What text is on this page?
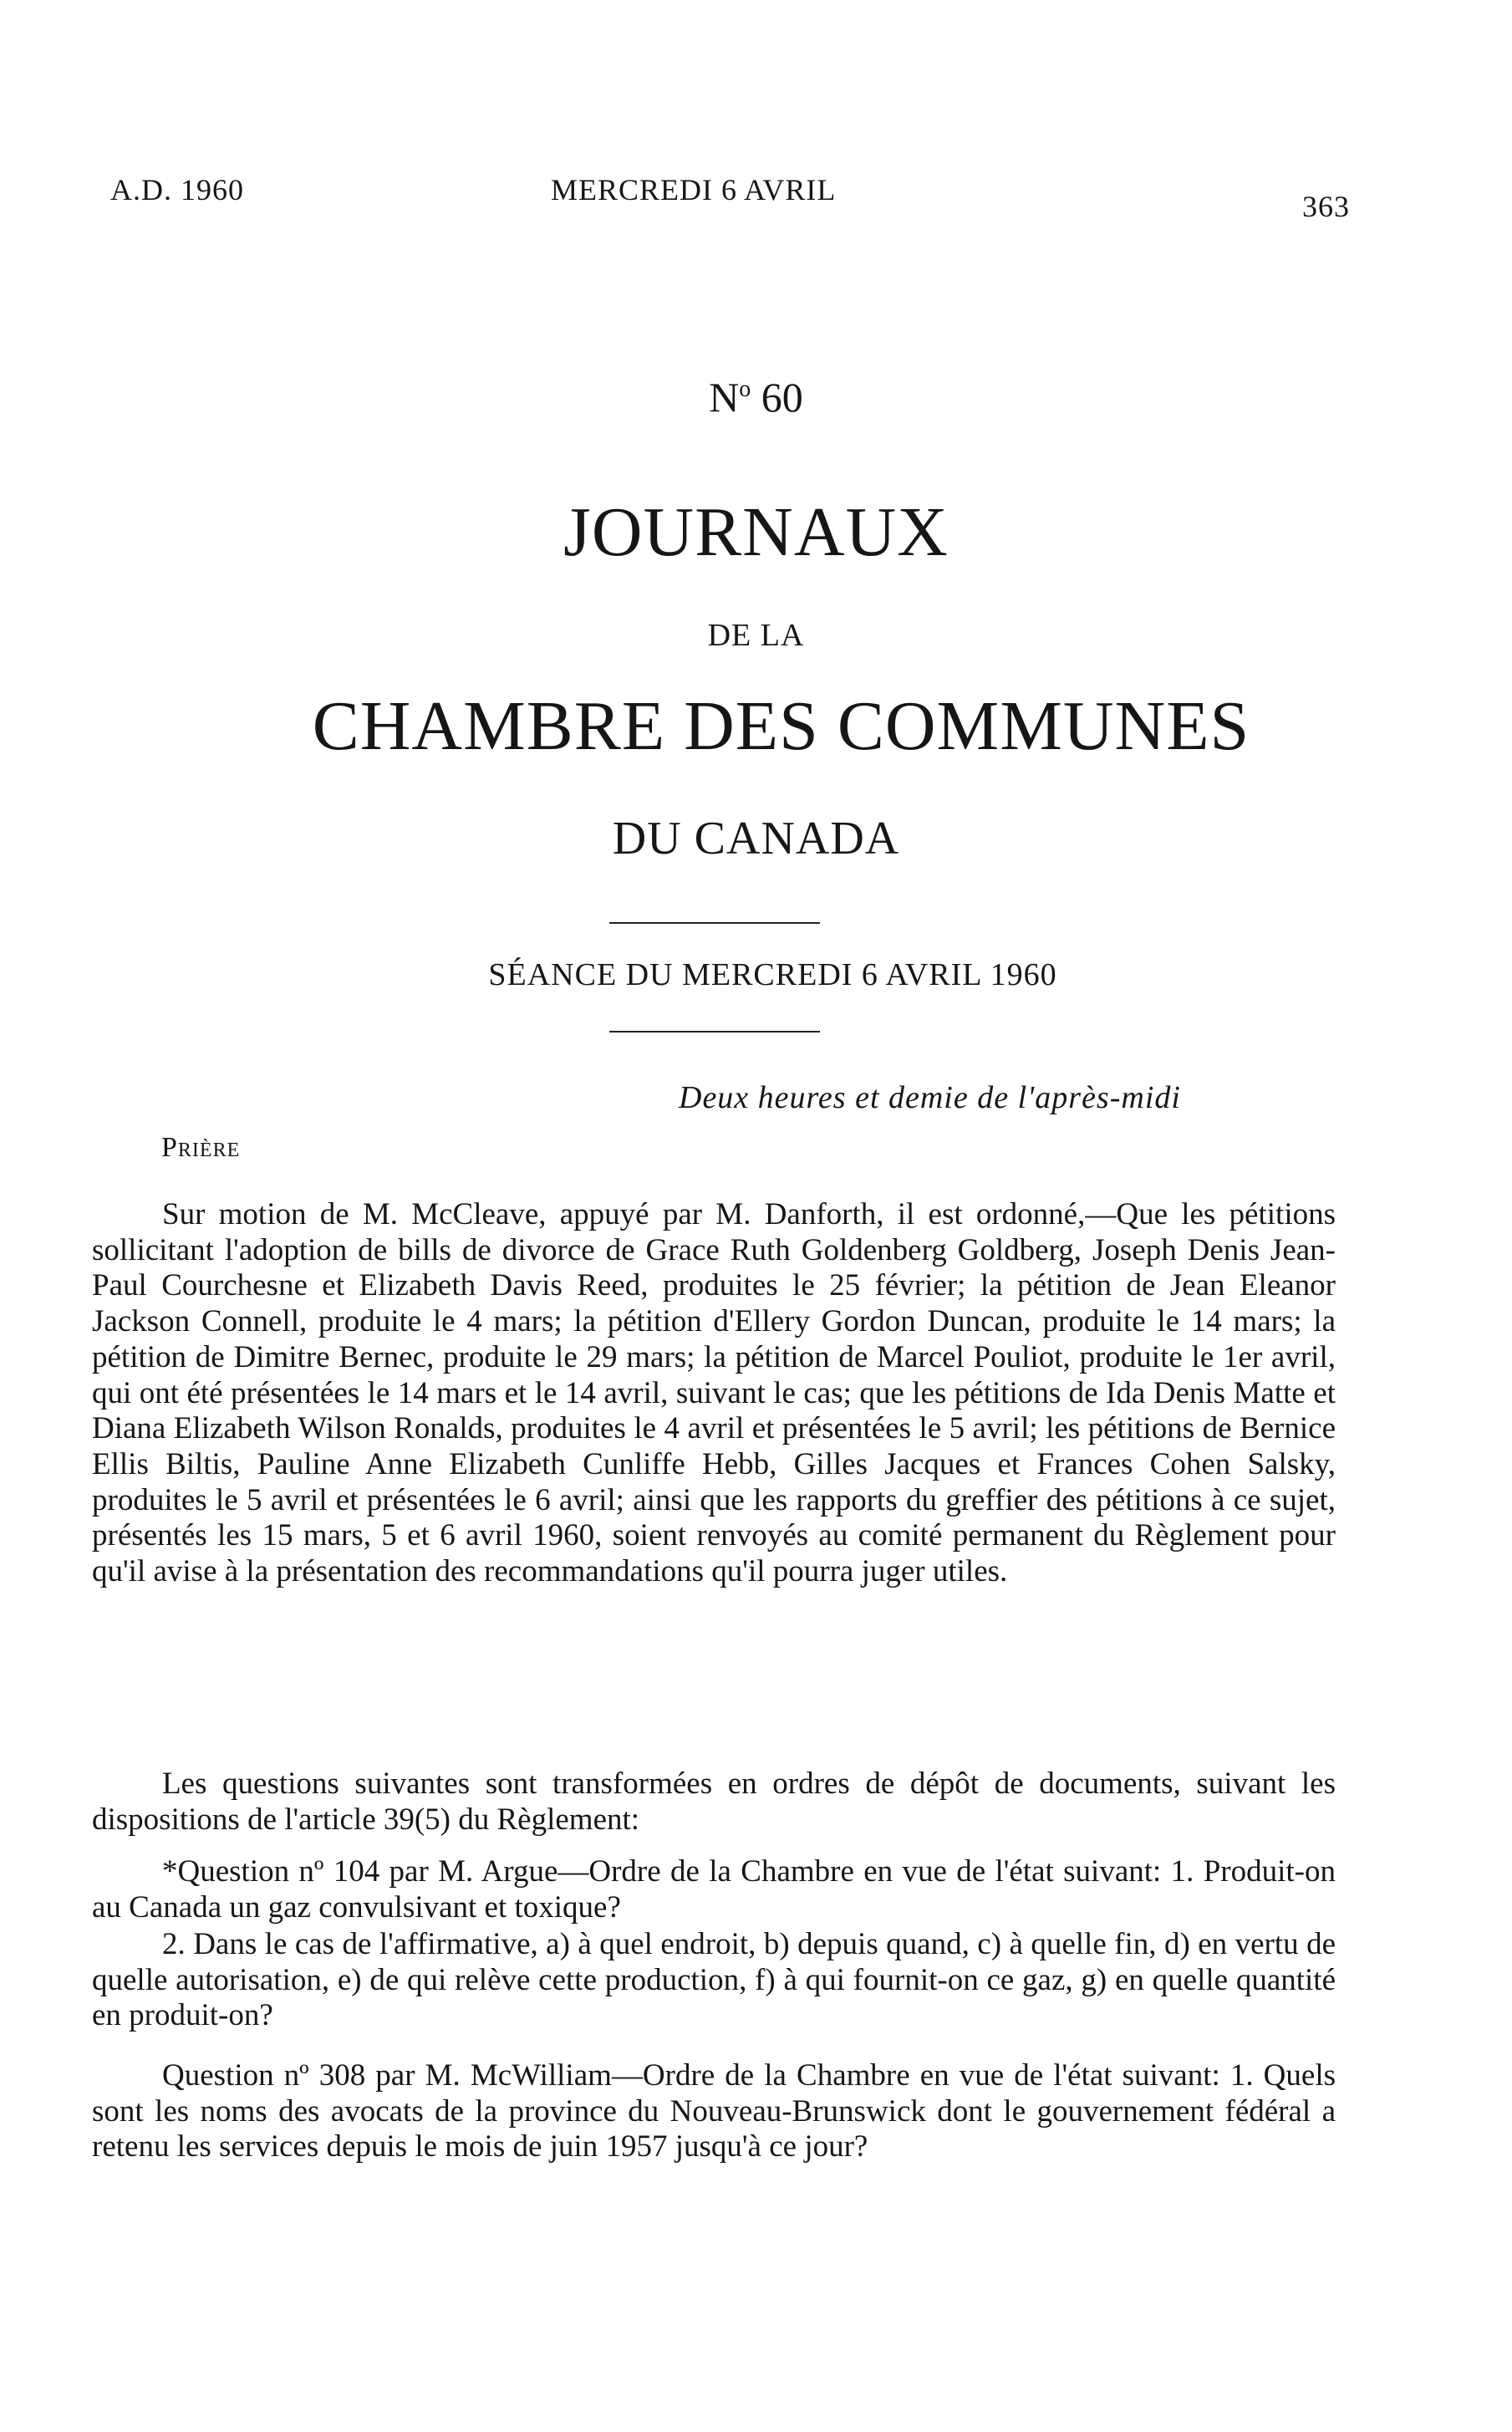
A.D. 1960	MERCREDI 6 AVRIL	363
$N^o$ 60
JOURNAUX
DE LA
CHAMBRE DES COMMUNES
DU CANADA
SÉANCE DU MERCREDI 6 AVRIL 1960
Deux heures et demie de l'après-midi
Prière

Sur motion de M. McCleave, appuyé par M. Danforth, il est ordonné,—Que les pétitions sollicitant l'adoption de bills de divorce de Grace Ruth Goldenberg Goldberg, Joseph Denis Jean-Paul Courchesne et Elizabeth Davis Reed, produites le 25 février; la pétition de Jean Eleanor Jackson Connell, produite le 4 mars; la pétition d'Ellery Gordon Duncan, produite le 14 mars; la pétition de Dimitre Bernec, produite le 29 mars; la pétition de Marcel Pouliot, produite le 1er avril, qui ont été présentées le 14 mars et le 14 avril, suivant le cas; que les pétitions de Ida Denis Matte et Diana Elizabeth Wilson Ronalds, produites le 4 avril et présentées le 5 avril; les pétitions de Bernice Ellis Biltis, Pauline Anne Elizabeth Cunliffe Hebb, Gilles Jacques et Frances Cohen Salsky, produites le 5 avril et présentées le 6 avril; ainsi que les rapports du greffier des pétitions à ce sujet, présentés les 15 mars, 5 et 6 avril 1960, soient renvoyés au comité permanent du Règlement pour qu'il avise à la présentation des recommandations qu'il pourra juger utiles.

Les questions suivantes sont transformées en ordres de dépôt de documents, suivant les dispositions de l'article 39(5) du Règlement:

*Question nº 104 par M. Argue—Ordre de la Chambre en vue de l'état suivant: 1. Produit-on au Canada un gaz convulsivant et toxique?

2. Dans le cas de l'affirmative, a) à quel endroit, b) depuis quand, c) à quelle fin, d) en vertu de quelle autorisation, e) de qui relève cette production, f) à qui fournit-on ce gaz, g) en quelle quantité en produit-on?

Question nº 308 par M. McWilliam—Ordre de la Chambre en vue de l'état suivant: 1. Quels sont les noms des avocats de la province du Nouveau-Brunswick dont le gouvernement fédéral a retenu les services depuis le mois de juin 1957 jusqu'à ce jour?
